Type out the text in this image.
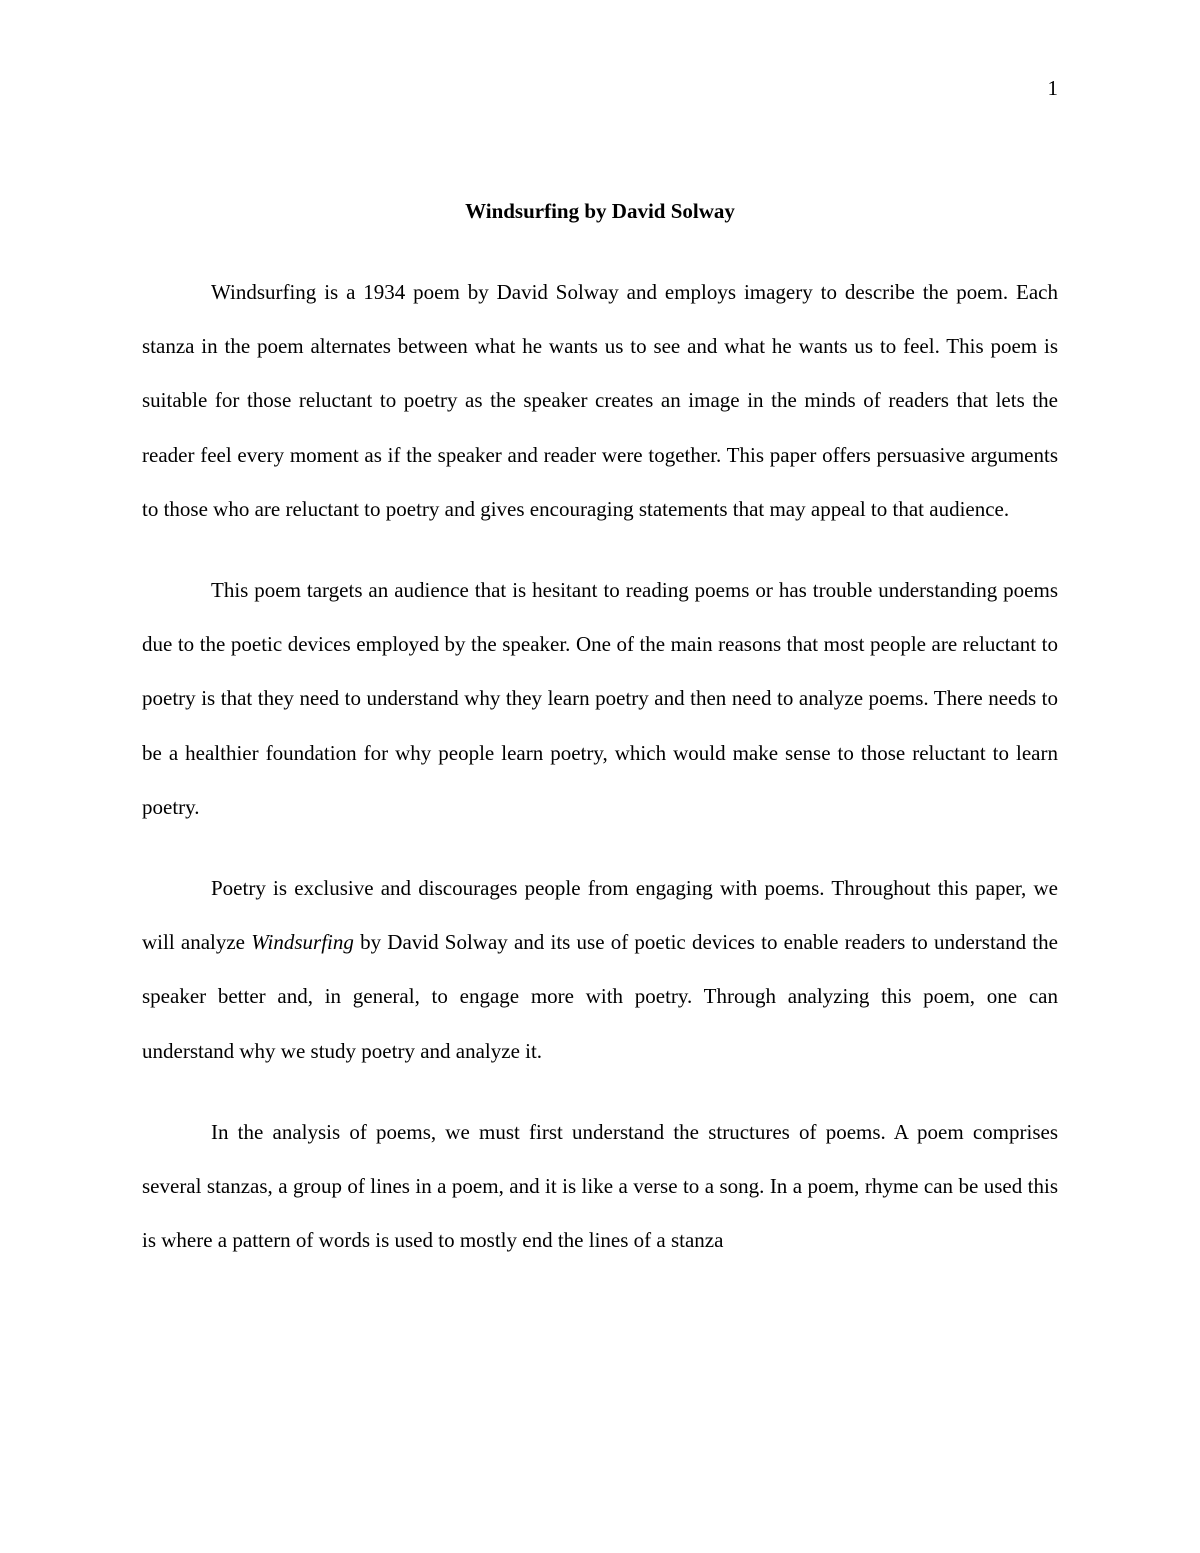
1
Windsurfing by David Solway

Windsurfing is a 1934 poem by David Solway and employs imagery to describe the poem. Each stanza in the poem alternates between what he wants us to see and what he wants us to feel. This poem is suitable for those reluctant to poetry as the speaker creates an image in the minds of readers that lets the reader feel every moment as if the speaker and reader were together. This paper offers persuasive arguments to those who are reluctant to poetry and gives encouraging statements that may appeal to that audience.

This poem targets an audience that is hesitant to reading poems or has trouble understanding poems due to the poetic devices employed by the speaker. One of the main reasons that most people are reluctant to poetry is that they need to understand why they learn poetry and then need to analyze poems. There needs to be a healthier foundation for why people learn poetry, which would make sense to those reluctant to learn poetry.

Poetry is exclusive and discourages people from engaging with poems. Throughout this paper, we will analyze Windsurfing by David Solway and its use of poetic devices to enable readers to understand the speaker better and, in general, to engage more with poetry. Through analyzing this poem, one can understand why we study poetry and analyze it.

In the analysis of poems, we must first understand the structures of poems. A poem comprises several stanzas, a group of lines in a poem, and it is like a verse to a song. In a poem, rhyme can be used this is where a pattern of words is used to mostly end the lines of a stanza
